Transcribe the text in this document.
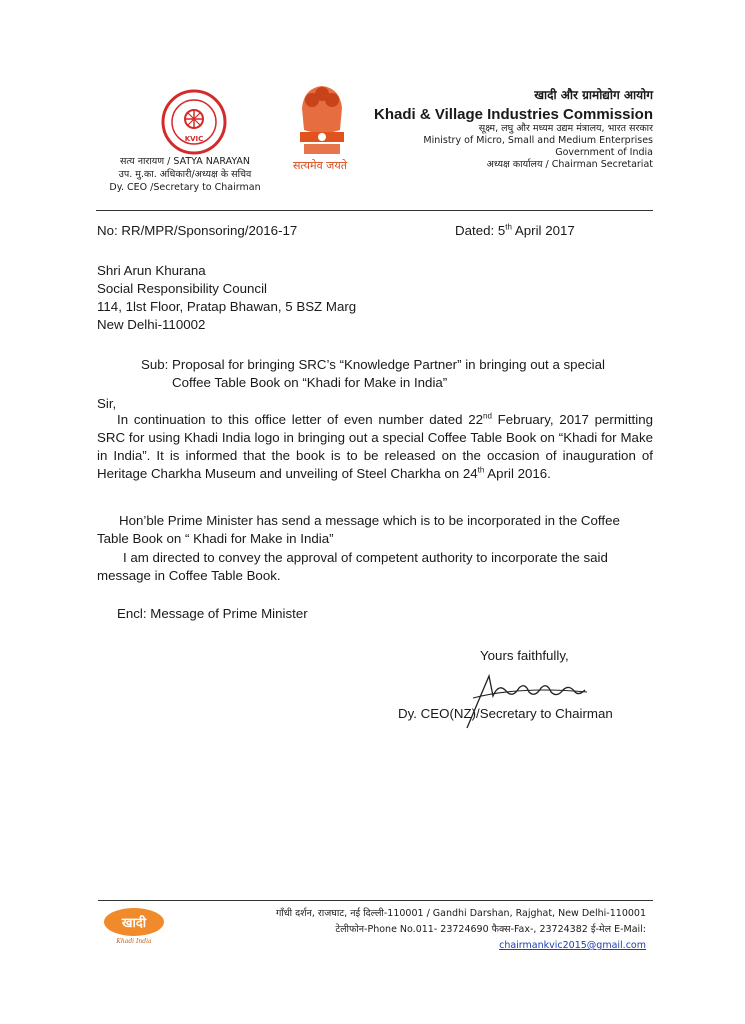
KVIC
सत्यमेव जयते
सत्य नारायण / SATYA NARAYAN
उप. मु.का. अधिकारी/अध्यक्ष के सचिव
Dy. CEO /Secretary to Chairman
खादी और ग्रामोद्योग आयोग
Khadi & Village Industries Commission
सूक्ष्म, लघु और मध्यम उद्यम मंत्रालय, भारत सरकार
Ministry of Micro, Small and Medium Enterprises
Government of India
अध्यक्ष कार्यालय / Chairman Secretariat
No: RR/MPR/Sponsoring/2016-17	Dated: 5th April 2017
Shri Arun Khurana
Social Responsibility Council
114, 1lst Floor, Pratap Bhawan, 5 BSZ Marg
New Delhi-110002
Sub: Proposal for bringing SRC’s “Knowledge Partner” in bringing out a special
Coffee Table Book on “Khadi for Make in India”
Sir,

In continuation to this office letter of even number dated 22nd February, 2017 permitting SRC for using Khadi India logo in bringing out a special Coffee Table Book on “Khadi for Make in India”. It is informed that the book is to be released on the occasion of inauguration of Heritage Charkha Museum and unveiling of Steel Charkha on 24th April 2016.

Hon’ble Prime Minister has send a message which is to be incorporated in the Coffee Table Book on “ Khadi for Make in India”

I am directed to convey the approval of competent authority to incorporate the said message in Coffee Table Book.

Encl: Message of Prime Minister
Yours faithfully,
Dy. CEO(NZ)/Secretary to Chairman
खादी
Khadi India
गाँधी दर्शन, राजघाट, नई दिल्ली-110001 / Gandhi Darshan, Rajghat, New Delhi-110001
टेलीफोन-Phone No.011- 23724690 फैक्स-Fax-, 23724382 ई-मेल E-Mail: chairmankvic2015@gmail.com
